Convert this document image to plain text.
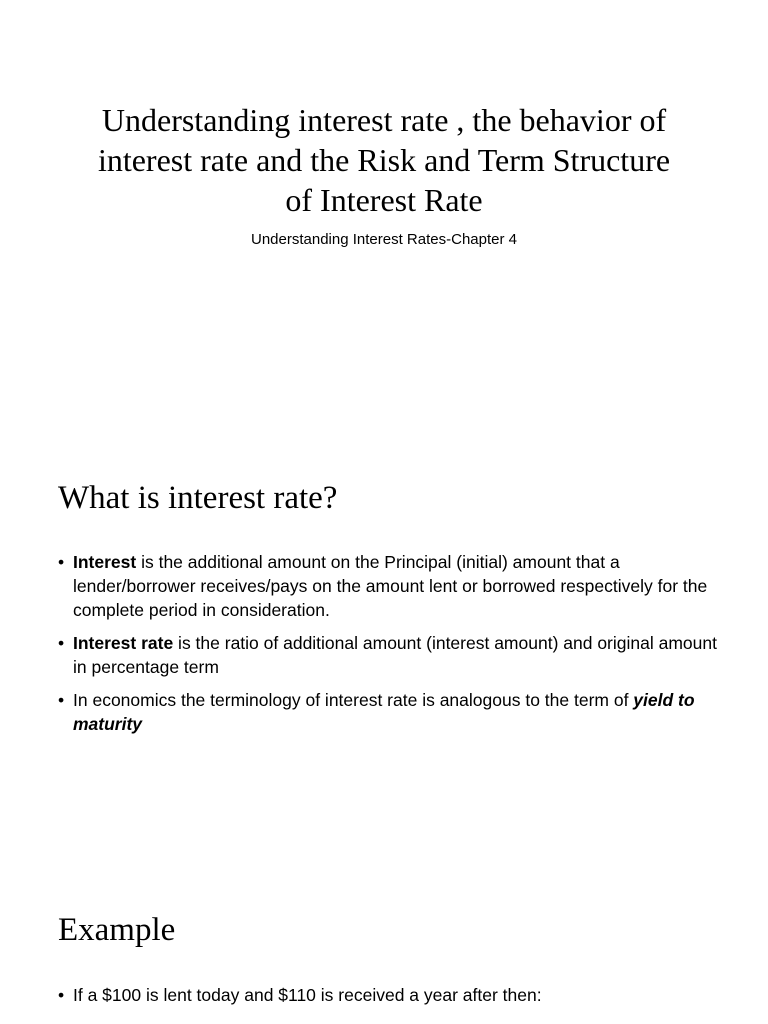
Understanding interest rate , the behavior of interest rate and the Risk and Term Structure of Interest Rate

Understanding Interest Rates-Chapter 4

What is interest rate?
• Interest is the additional amount on the Principal (initial) amount that a lender/borrower receives/pays on the amount lent or borrowed respectively for the complete period in consideration.
• Interest rate is the ratio of additional amount (interest amount) and original amount in percentage term
• In economics the terminology of interest rate is analogous to the term of yield to maturity
Example
• If a $100 is lent today and $110 is received a year after then:
